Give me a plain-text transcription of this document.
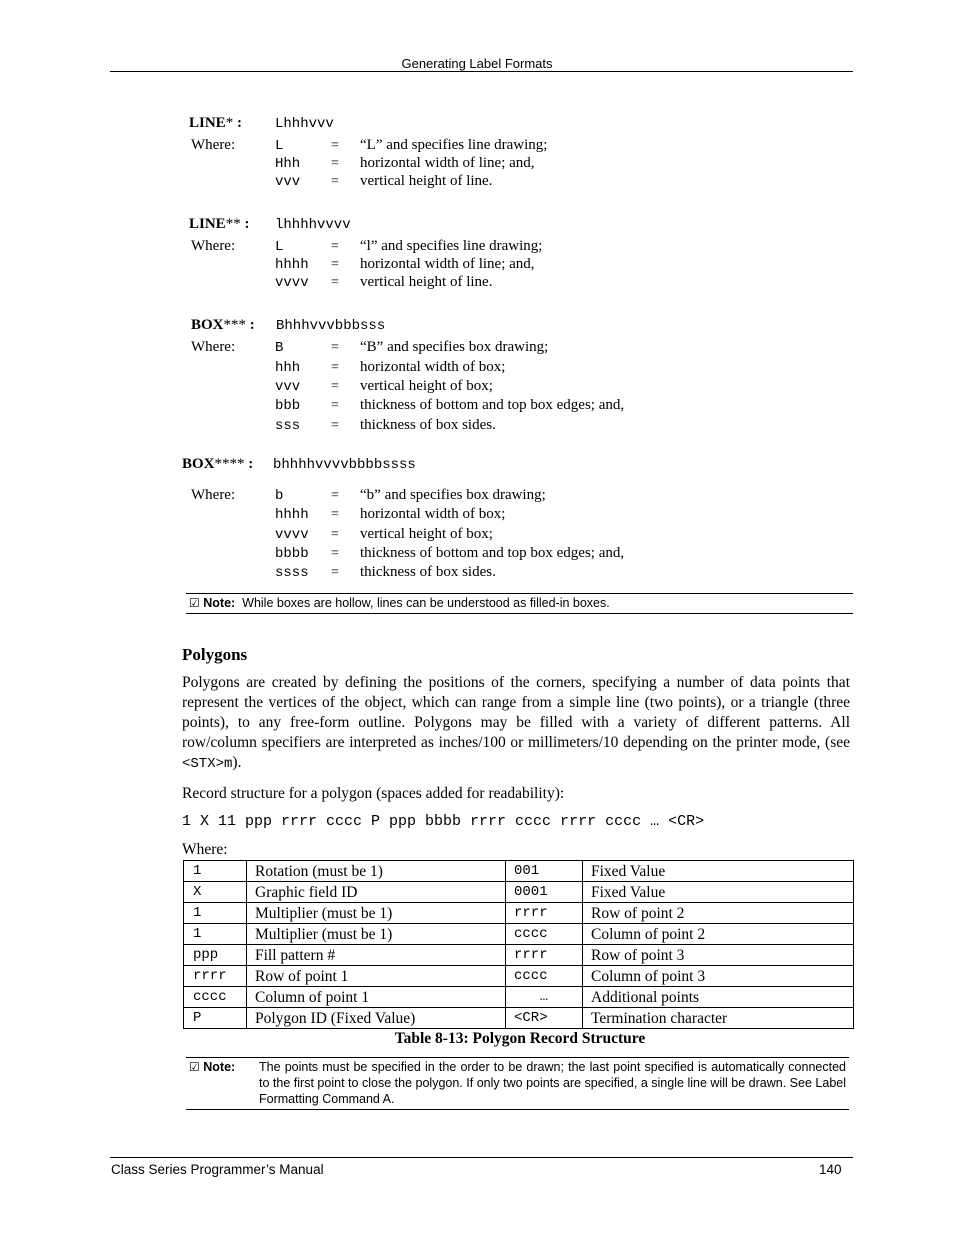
Generating Label Formats
LINE* : Lhhhvvv
Where:	L	= “L” and specifies line drawing;
Hhh = horizontal width of line; and,
vvv = vertical height of line.
LINE** : lhhhhvvvv
Where:	L	= “l” and specifies line drawing;
hhhh = horizontal width of line; and,
vvvv = vertical height of line.
BOX*** : Bhhhvvvbbbsss
Where:	B	= “B” and specifies box drawing;
hhh = horizontal width of box;
vvv = vertical height of box;
bbb = thickness of bottom and top box edges; and,
sss = thickness of box sides.
BOX**** : bhhhhvvvvbbbbssss
Where:	b	= “b” and specifies box drawing;
hhhh = horizontal width of box;
vvvv = vertical height of box;
bbbb = thickness of bottom and top box edges; and,
ssss = thickness of box sides.
☑ Note: While boxes are hollow, lines can be understood as filled-in boxes.
Polygons
Polygons are created by defining the positions of the corners, specifying a number of data points that represent the vertices of the object, which can range from a simple line (two points), or a triangle (three points), to any free-form outline. Polygons may be filled with a variety of different patterns. All row/column specifiers are interpreted as inches/100 or millimeters/10 depending on the printer mode, (see <STX>m).
Record structure for a polygon (spaces added for readability):
1 X 11 ppp rrrr cccc P ppp bbbb rrrr cccc rrrr cccc … <CR>
Where:
1	Rotation (must be 1)	001	Fixed Value
X	Graphic field ID	0001	Fixed Value
1	Multiplier (must be 1)	rrrr	Row of point 2
1	Multiplier (must be 1)	cccc	Column of point 2
ppp	Fill pattern #	rrrr	Row of point 3
rrrr	Row of point 1	cccc	Column of point 3
cccc	Column of point 1	…	Additional points
P	Polygon ID (Fixed Value)	<CR>	Termination character
Table 8-13: Polygon Record Structure
☑ Note: The points must be specified in the order to be drawn; the last point specified is automatically connected to the first point to close the polygon. If only two points are specified, a single line will be drawn. See Label Formatting Command A.
Class Series Programmer’s Manual	140
